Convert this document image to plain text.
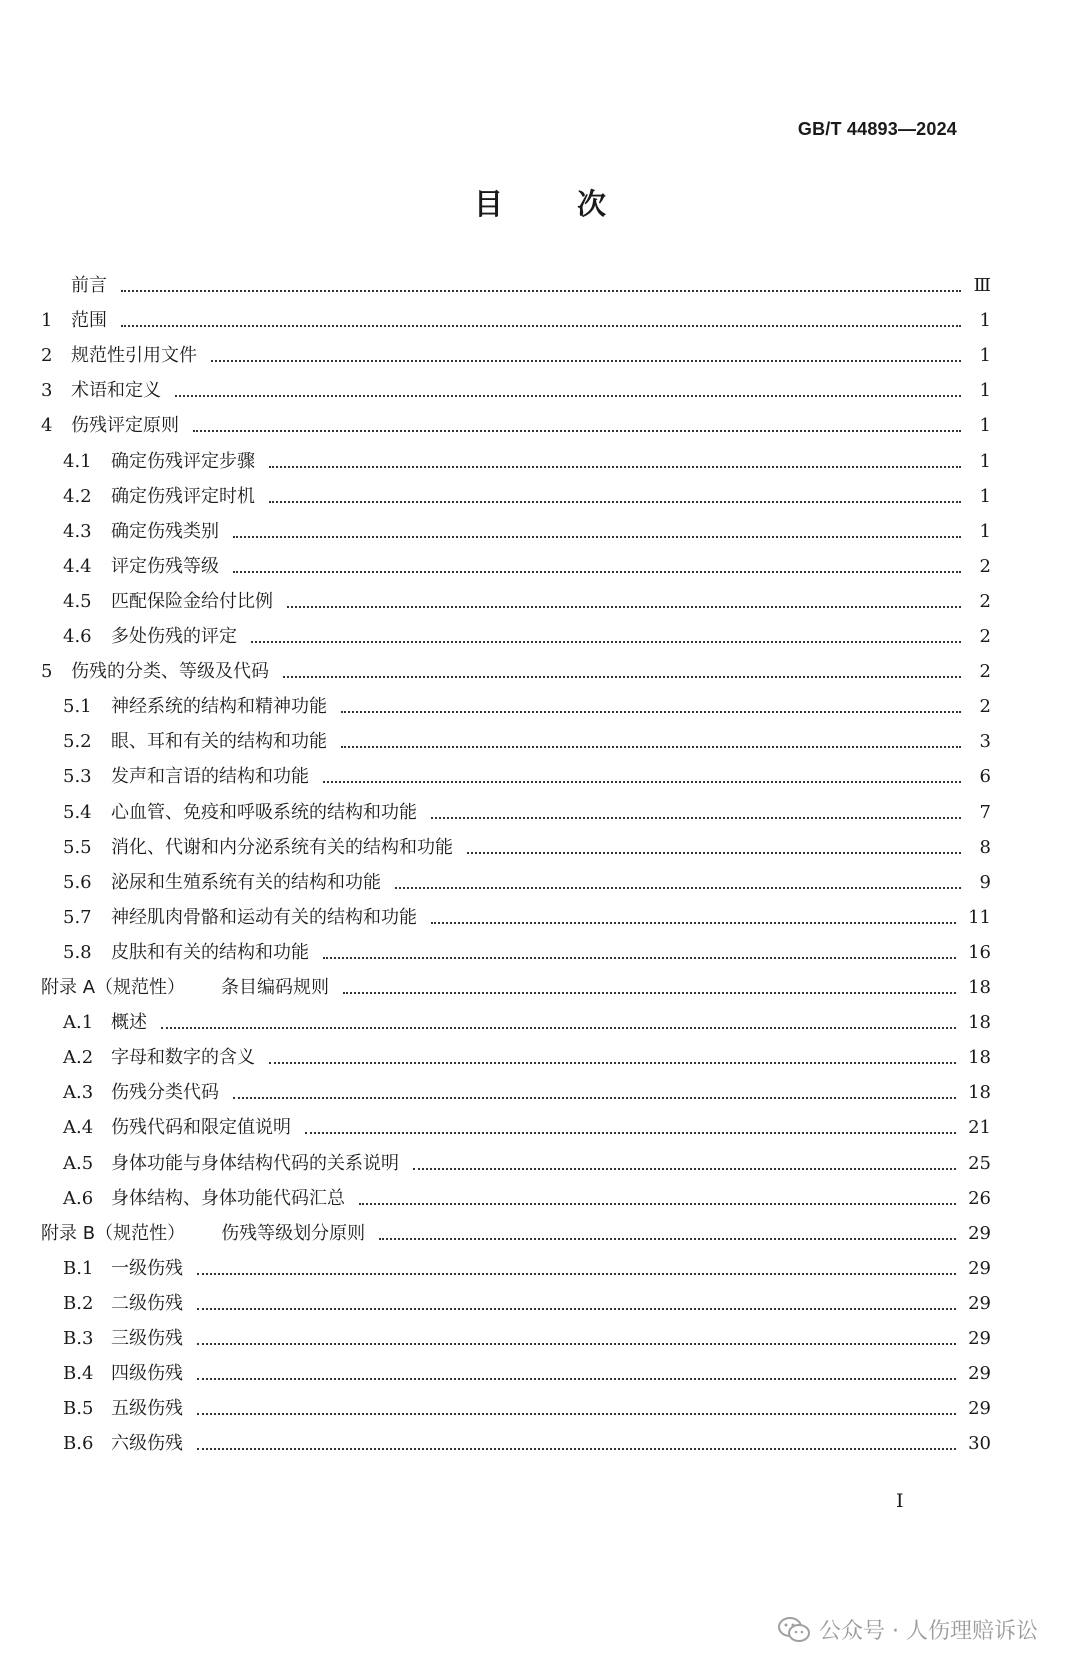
GB/T 44893—2024
目	次
前言	Ⅲ
1	范围	1
2	规范性引用文件	1
3	术语和定义	1
4	伤残评定原则	1
4.1	确定伤残评定步骤	1
4.2	确定伤残评定时机	1
4.3	确定伤残类别	1
4.4	评定伤残等级	2
4.5	匹配保险金给付比例	2
4.6	多处伤残的评定	2
5	伤残的分类、等级及代码	2
5.1	神经系统的结构和精神功能	2
5.2	眼、耳和有关的结构和功能	3
5.3	发声和言语的结构和功能	6
5.4	心血管、免疫和呼吸系统的结构和功能	7
5.5	消化、代谢和内分泌系统有关的结构和功能	8
5.6	泌尿和生殖系统有关的结构和功能	9
5.7	神经肌肉骨骼和运动有关的结构和功能	11
5.8	皮肤和有关的结构和功能	16
附录 A（规范性） 条目编码规则	18
A.1 概述	18
A.2 字母和数字的含义	18
A.3 伤残分类代码	18
A.4 伤残代码和限定值说明	21
A.5 身体功能与身体结构代码的关系说明	25
A.6 身体结构、身体功能代码汇总	26
附录 B（规范性） 伤残等级划分原则	29
B.1 一级伤残	29
B.2 二级伤残	29
B.3 三级伤残	29
B.4 四级伤残	29
B.5 五级伤残	29
B.6 六级伤残	30
I
公众号 · 人伤理赔诉讼
